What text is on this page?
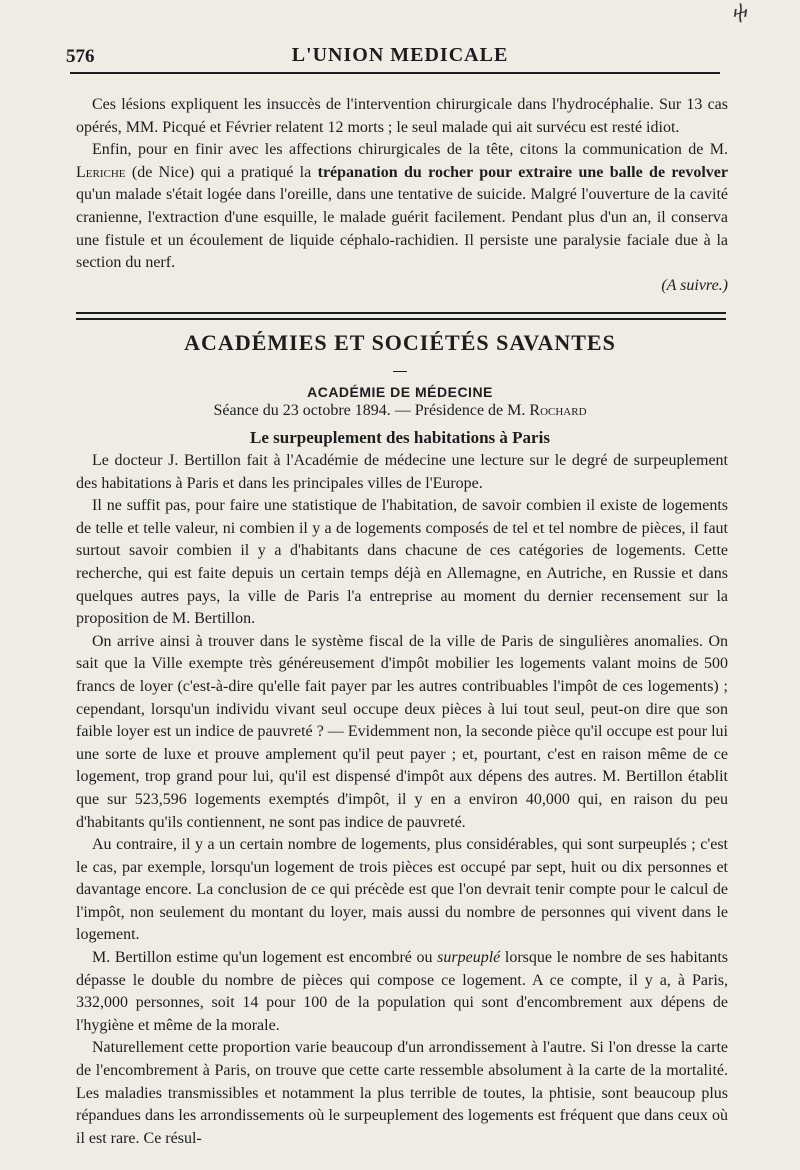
ⴕ
576	L'UNION MEDICALE

Ces lésions expliquent les insuccès de l'intervention chirurgicale dans l'hydrocéphalie. Sur 13 cas opérés, MM. Picqué et Février relatent 12 morts ; le seul malade qui ait survécu est resté idiot.

Enfin, pour en finir avec les affections chirurgicales de la tête, citons la communication de M. Leriche (de Nice) qui a pratiqué la trépanation du rocher pour extraire une balle de revolver qu'un malade s'était logée dans l'oreille, dans une tentative de suicide. Malgré l'ouverture de la cavité cranienne, l'extraction d'une esquille, le malade guérit facilement. Pendant plus d'un an, il conserva une fistule et un écoulement de liquide céphalo-rachidien. Il persiste une paralysie faciale due à la section du nerf.
(A suivre.)

ACADÉMIES ET SOCIÉTÉS SAVANTES
ACADÉMIE DE MÉDECINE
Séance du 23 octobre 1894. — Présidence de M. Rochard
Le surpeuplement des habitations à Paris

Le docteur J. Bertillon fait à l'Académie de médecine une lecture sur le degré de surpeuplement des habitations à Paris et dans les principales villes de l'Europe.

Il ne suffit pas, pour faire une statistique de l'habitation, de savoir combien il existe de logements de telle et telle valeur, ni combien il y a de logements composés de tel et tel nombre de pièces, il faut surtout savoir combien il y a d'habitants dans chacune de ces catégories de logements. Cette recherche, qui est faite depuis un certain temps déjà en Allemagne, en Autriche, en Russie et dans quelques autres pays, la ville de Paris l'a entreprise au moment du dernier recensement sur la proposition de M. Bertillon.

On arrive ainsi à trouver dans le système fiscal de la ville de Paris de singulières anomalies. On sait que la Ville exempte très généreusement d'impôt mobilier les logements valant moins de 500 francs de loyer (c'est-à-dire qu'elle fait payer par les autres contribuables l'impôt de ces logements) ; cependant, lorsqu'un individu vivant seul occupe deux pièces à lui tout seul, peut-on dire que son faible loyer est un indice de pauvreté ? — Evidemment non, la seconde pièce qu'il occupe est pour lui une sorte de luxe et prouve amplement qu'il peut payer ; et, pourtant, c'est en raison même de ce logement, trop grand pour lui, qu'il est dispensé d'impôt aux dépens des autres. M. Bertillon établit que sur 523,596 logements exemptés d'impôt, il y en a environ 40,000 qui, en raison du peu d'habitants qu'ils contiennent, ne sont pas indice de pauvreté.

Au contraire, il y a un certain nombre de logements, plus considérables, qui sont surpeuplés ; c'est le cas, par exemple, lorsqu'un logement de trois pièces est occupé par sept, huit ou dix personnes et davantage encore. La conclusion de ce qui précède est que l'on devrait tenir compte pour le calcul de l'impôt, non seulement du montant du loyer, mais aussi du nombre de personnes qui vivent dans le logement.

M. Bertillon estime qu'un logement est encombré ou surpeuplé lorsque le nombre de ses habitants dépasse le double du nombre de pièces qui compose ce logement. A ce compte, il y a, à Paris, 332,000 personnes, soit 14 pour 100 de la population qui sont d'encombrement aux dépens de l'hygiène et même de la morale.

Naturellement cette proportion varie beaucoup d'un arrondissement à l'autre. Si l'on dresse la carte de l'encombrement à Paris, on trouve que cette carte ressemble absolument à la carte de la mortalité. Les maladies transmissibles et notamment la plus terrible de toutes, la phtisie, sont beaucoup plus répandues dans les arrondissements où le surpeuplement des logements est fréquent que dans ceux où il est rare. Ce résul-
